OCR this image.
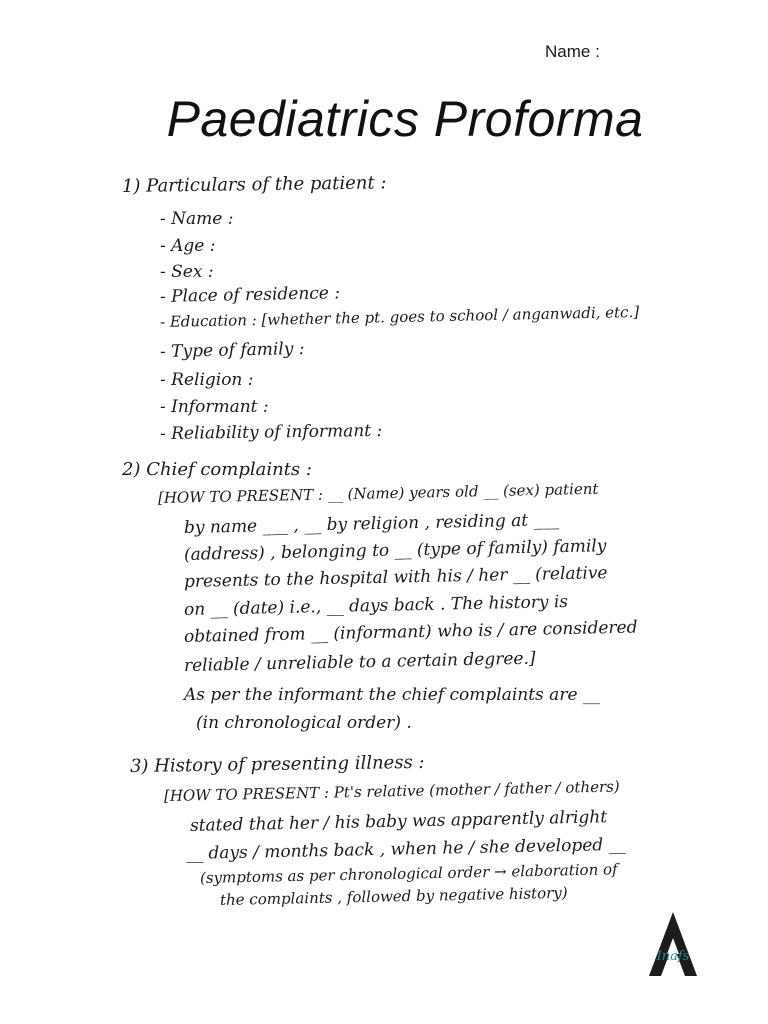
Name :
Paediatrics Proforma
1) Particulars of the patient :
- Name :
- Age :
- Sex :
- Place of residence :
- Education : [whether the pt. goes to school / anganwadi, etc.]
- Type of family :
- Religion :
- Informant :
- Reliability of informant :
2) Chief complaints :
[HOW TO PRESENT : __ (Name) years old __ (sex) patient
by name ___ , __ by religion , residing at ___
(address) , belonging to __ (type of family) family
presents to the hospital with his / her __ (relative
on __ (date) i.e., __ days back . The history is
obtained from __ (informant) who is / are considered
reliable / unreliable to a certain degree.]
As per the informant the chief complaints are __
(in chronological order) .
3) History of presenting illness :
[HOW TO PRESENT : Pt's relative (mother / father / others)
stated that her / his baby was apparently alright
__ days / months back , when he / she developed __
(symptoms as per chronological order → elaboration of
the complaints , followed by negative history)
Inafs
